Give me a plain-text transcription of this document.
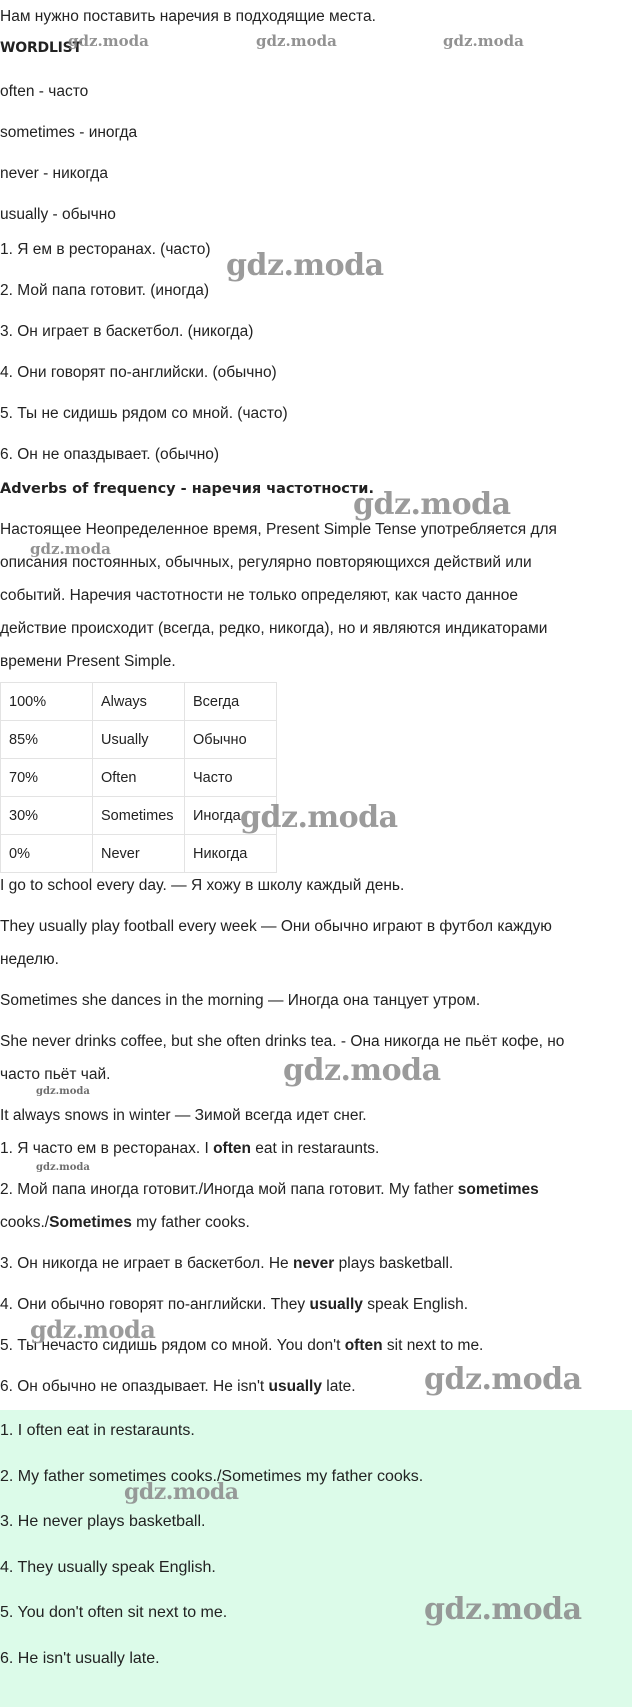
Нам нужно поставить наречия в подходящие места.
WORDLIST
often - часто
sometimes - иногда
never - никогда
usually - обычно
1. Я ем в ресторанах. (часто)
2. Мой папа готовит. (иногда)
3. Он играет в баскетбол. (никогда)
4. Они говорят по-английски. (обычно)
5. Ты не сидишь рядом со мной. (часто)
6. Он не опаздывает. (обычно)
Adverbs of frequency - наречия частотности.
Настоящее Неопределенное время, Present Simple Tense употребляется для
описания постоянных, обычных, регулярно повторяющихся действий или
событий. Наречия частотности не только определяют, как часто данное
действие происходит (всегда, редко, никогда), но и являются индикаторами
времени Present Simple.
100%	Always	Всегда
85%	Usually	Обычно
70%	Often	Часто
30%	Sometimes	Иногда
0%	Never	Никогда
I go to school every day. — Я хожу в школу каждый день.
They usually play football every week — Они обычно играют в футбол каждую
неделю.
Sometimes she dances in the morning — Иногда она танцует утром.
She never drinks coffee, but she often drinks tea. - Она никогда не пьёт кофе, но
часто пьёт чай.
It always snows in winter — Зимой всегда идет снег.
1. Я часто ем в ресторанах. I often eat in restaraunts.
2. Мой папа иногда готовит./Иногда мой папа готовит. My father sometimes
cooks./Sometimes my father cooks.
3. Он никогда не играет в баскетбол. He never plays basketball.
4. Они обычно говорят по-английски. They usually speak English.
5. Ты нечасто сидишь рядом со мной. You don't often sit next to me.
6. Он обычно не опаздывает. He isn't usually late.
1. I often eat in restaraunts.
2. My father sometimes cooks./Sometimes my father cooks.
3. He never plays basketball.
4. They usually speak English.
5. You don't often sit next to me.
6. He isn't usually late.
gdz.moda	gdz.moda	gdz.moda
gdz.moda
gdz.moda
gdz.moda
gdz.moda
gdz.moda
gdz.moda
gdz.moda
gdz.moda
gdz.moda
gdz.moda
gdz.moda
